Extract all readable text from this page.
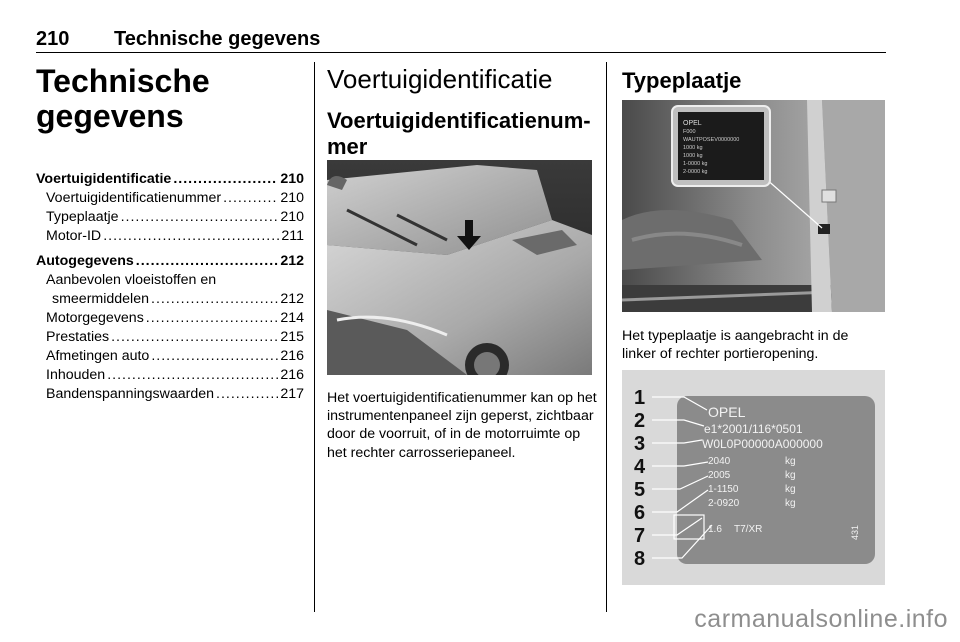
210 Technische gegevens
Technische gegevens
Voertuigidentificatie .....	210
Voertuigidentificatienummer .....	210
Typeplaatje .....	210
Motor-ID .....	211
Autogegevens .....	212
Aanbevolen vloeistoffen en
smeermiddelen .....	212
Motorgegevens .....	214
Prestaties .....	215
Afmetingen auto .....	216
Inhouden .....	216
Bandenspanningswaarden .....	217
Voertuigidentificatie
Voertuigidentificatienum-mer
Het voertuigidentificatienummer kan op het instrumentenpaneel zijn geperst, zichtbaar door de voorruit, of in de motorruimte op het rechter carrosseriepaneel.
Typeplaatje
OPEL
F000
WAUTPOSEV0000000
1000 kg
1000 kg
1-0000 kg
2-0000 kg
Het typeplaatje is aangebracht in de linker of rechter portieropening.
1
2
3
4
5
6
7
8
OPEL
e1*2001/116*0501
W0L0P00000A000000
2040
2005
1-1150
2-0920
kg
kg
kg
kg
1.6 T7/XR	431
carmanualsonline.info
